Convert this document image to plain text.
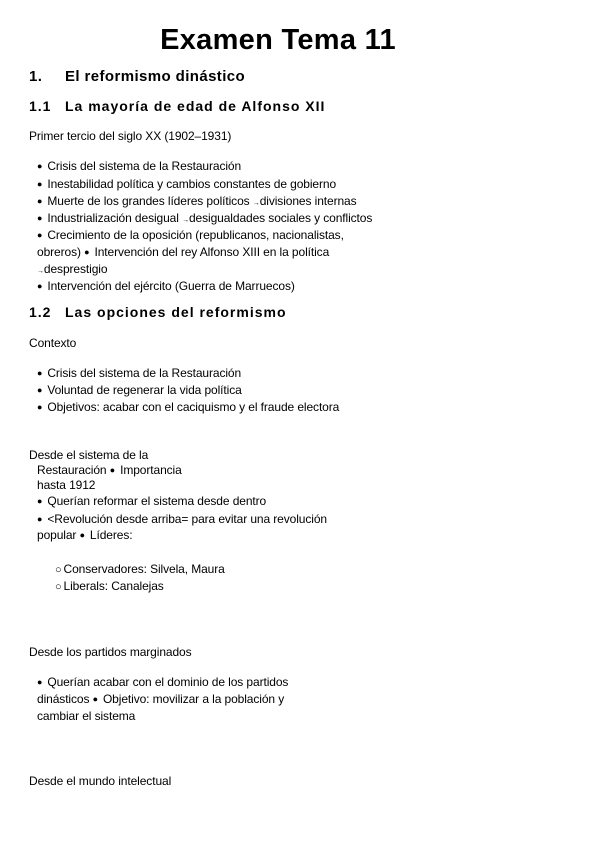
Examen Tema 11
1. El reformismo dinástico
1.1 La mayoría de edad de Alfonso XII
Primer tercio del siglo XX (1902–1931)
● Crisis del sistema de la Restauración
● Inestabilidad política y cambios constantes de gobierno
● Muerte de los grandes líderes políticos →divisiones internas
● Industrialización desigual →desigualdades sociales y conflictos
● Crecimiento de la oposición (republicanos, nacionalistas,
obreros) ● Intervención del rey Alfonso XIII en la política
→desprestigio
● Intervención del ejército (Guerra de Marruecos)
1.2 Las opciones del reformismo
Contexto
● Crisis del sistema de la Restauración
● Voluntad de regenerar la vida política
● Objetivos: acabar con el caciquismo y el fraude electora
Desde el sistema de la
Restauración ● Importancia
hasta 1912
● Querían reformar el sistema desde dentro
● <Revolución desde arriba= para evitar una revolución
popular ● Líderes:
○ Conservadores: Silvela, Maura
○ Liberals: Canalejas
Desde los partidos marginados
● Querían acabar con el dominio de los partidos
dinásticos ● Objetivo: movilizar a la población y
cambiar el sistema
Desde el mundo intelectual
